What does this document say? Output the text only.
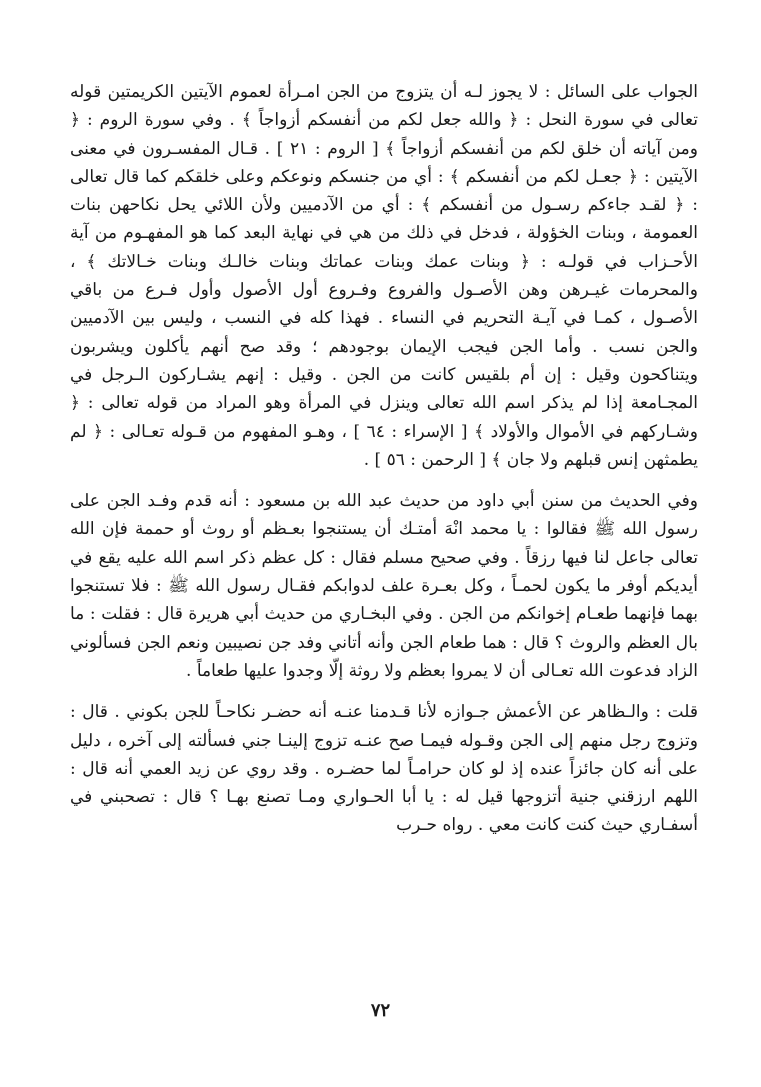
الجواب على السائل : لا يجوز لـه أن يتزوج من الجن امـرأة لعموم الآيتين الكريمتين قوله تعالى في سورة النحل : ﴿ والله جعل لكم من أنفسكم أزواجاً ﴾ . وفي سورة الروم : ﴿ ومن آياته أن خلق لكم من أنفسكم أزواجاً ﴾ [ الروم : ٢١ ] . قـال المفسـرون في معنى الآيتين : ﴿ جعـل لكم من أنفسكم ﴾ : أي من جنسكم ونوعكم وعلى خلقكم كما قال تعالى : ﴿ لقـد جاءكم رسـول من أنفسكم ﴾ : أي من الآدميين ولأن اللائي يحل نكاحهن بنات العمومة ، وبنات الخؤولة ، فدخل في ذلك من هي في نهاية البعد كما هو المفهـوم من آية الأحـزاب في قولـه : ﴿ وبنات عمك وبنات عماتك وبنات خالـك وبنات خـالاتك ﴾ ، والمحرمات غيـرهن وهن الأصـول والفروع وفـروع أول الأصول وأول فـرع من باقي الأصـول ، كمـا في آيـة التحريم في النساء . فهذا كله في النسب ، وليس بين الآدميين والجن نسب . وأما الجن فيجب الإيمان بوجودهم ؛ وقد صح أنهم يأكلون ويشربون ويتناكحون وقيل : إن أم بلقيس كانت من الجن . وقيل : إنهم يشـاركون الـرجل في المجـامعة إذا لم يذكر اسم الله تعالى وينزل في المرأة وهو المراد من قوله تعالى : ﴿ وشـاركهم في الأموال والأولاد ﴾ [ الإسراء : ٦٤ ] ، وهـو المفهوم من قـوله تعـالى : ﴿ لم يطمثهن إنس قبلهم ولا جان ﴾ [ الرحمن : ٥٦ ] .

وفي الحديث من سنن أبي داود من حديث عبد الله بن مسعود : أنه قدم وفـد الجن على رسول الله ﷺ فقالوا : يا محمد انْهَ أمتـك أن يستنجوا بعـظم أو روث أو حممة فإن الله تعالى جاعل لنا فيها رزقاً . وفي صحيح مسلم فقال : كل عظم ذكر اسم الله عليه يقع في أيديكم أوفر ما يكون لحمـاً ، وكل بعـرة علف لدوابكم فقـال رسول الله ﷺ : فلا تستنجوا بهما فإنهما طعـام إخوانكم من الجن . وفي البخـاري من حديث أبي هريرة قال : فقلت : ما بال العظم والروث ؟ قال : هما طعام الجن وأنه أتاني وفد جن نصيبين ونعم الجن فسألوني الزاد فدعوت الله تعـالى أن لا يمروا بعظم ولا روثة إلّا وجدوا عليها طعاماً .

قلت : والـظاهر عن الأعمش جـوازه لأنا قـدمنا عنـه أنه حضـر نكاحـاً للجن بكوني . قال : وتزوج رجل منهم إلى الجن وقـوله فيمـا صح عنـه تزوج إلينـا جني فسألته إلى آخره ، دليل على أنه كان جائزاً عنده إذ لو كان حرامـاً لما حضـره . وقد روي عن زيد العمي أنه قال : اللهم ارزقني جنية أتزوجها قيل له : يا أبا الحـواري ومـا تصنع بهـا ؟ قال : تصحبني في أسفـاري حيث كنت كانت معي . رواه حـرب

٧٢
